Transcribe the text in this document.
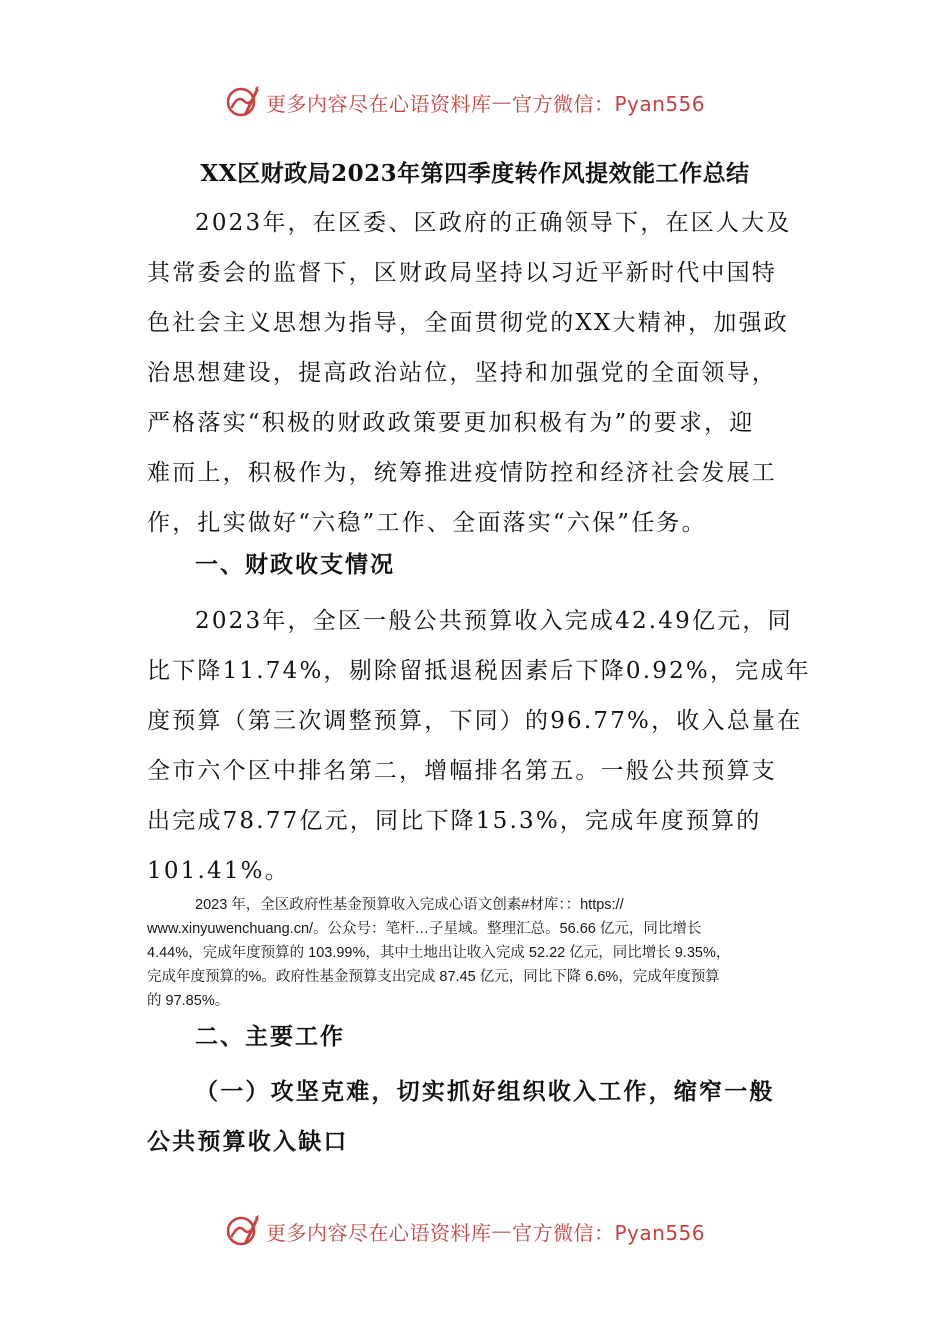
更多内容尽在心语资料库 — 官方微信：Pyan556
XX区财政局2023年第四季度转作风提效能工作总结
2023年，在区委、区政府的正确领导下，在区人大及
其常委会的监督下，区财政局坚持以习近平新时代中国特
色社会主义思想为指导，全面贯彻党的XX大精神，加强政
治思想建设，提高政治站位，坚持和加强党的全面领导，
严格落实“积极的财政政策要更加积极有为”的要求，迎
难而上，积极作为，统筹推进疫情防控和经济社会发展工
作，扎实做好“六稳”工作、全面落实“六保”任务。
一、财政收支情况
2023年，全区一般公共预算收入完成42.49亿元，同
比下降11.74%，剔除留抵退税因素后下降0.92%，完成年
度预算（第三次调整预算，下同）的96.77%，收入总量在
全市六个区中排名第二，增幅排名第五。一般公共预算支
出完成78.77亿元，同比下降15.3%，完成年度预算的
101.41%。
2023 年，全区政府性基金预算收入完成心语文创素#材库：：https://
www.xinyuwenchuang.cn/。公众号：笔杆…子星域。整理汇总。56.66 亿元，同比增长
4.44%，完成年度预算的 103.99%，其中土地出让收入完成 52.22 亿元，同比增长 9.35%，
完成年度预算的%。政府性基金预算支出完成 87.45 亿元，同比下降 6.6%，完成年度预算
的 97.85%。
二、主要工作
（一）攻坚克难，切实抓好组织收入工作，缩窄一般
公共预算收入缺口
更多内容尽在心语资料库 — 官方微信：Pyan556
